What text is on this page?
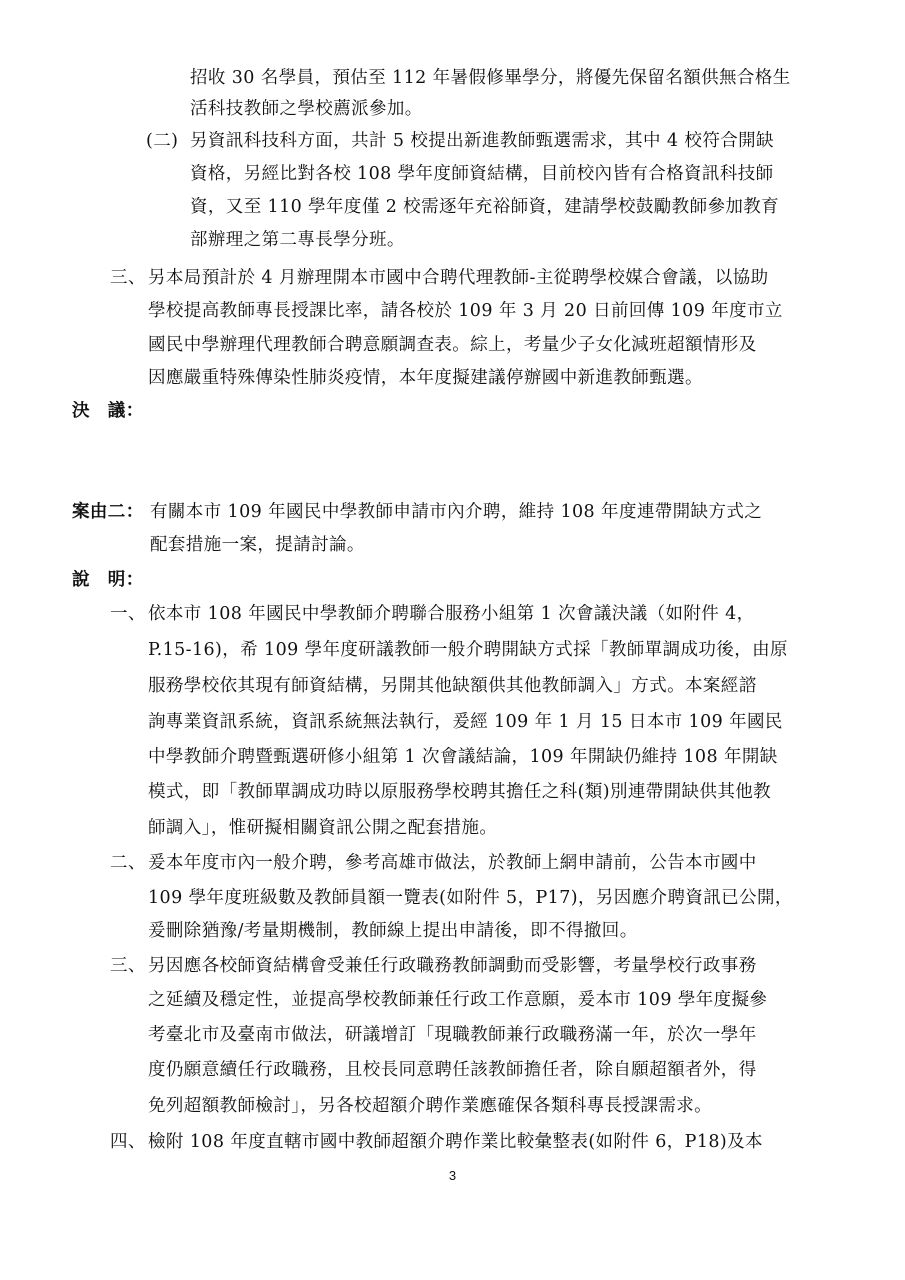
招收 30 名學員，預估至 112 年暑假修畢學分，將優先保留名額供無合格生
活科技教師之學校薦派參加。
(二) 另資訊科技科方面，共計 5 校提出新進教師甄選需求，其中 4 校符合開缺
資格，另經比對各校 108 學年度師資結構，目前校內皆有合格資訊科技師
資，又至 110 學年度僅 2 校需逐年充裕師資，建請學校鼓勵教師參加教育
部辦理之第二專長學分班。
三、 另本局預計於 4 月辦理開本市國中合聘代理教師-主從聘學校媒合會議，以協助
學校提高教師專長授課比率，請各校於 109 年 3 月 20 日前回傳 109 年度市立
國民中學辦理代理教師合聘意願調查表。綜上，考量少子女化減班超額情形及
因應嚴重特殊傳染性肺炎疫情，本年度擬建議停辦國中新進教師甄選。
決　議：
案由二： 有關本市 109 年國民中學教師申請市內介聘，維持 108 年度連帶開缺方式之
配套措施一案，提請討論。
說　明：
一、 依本市 108 年國民中學教師介聘聯合服務小組第 1 次會議決議（如附件 4，
P.15-16)，希 109 學年度研議教師一般介聘開缺方式採「教師單調成功後，由原
服務學校依其現有師資結構，另開其他缺額供其他教師調入」方式。本案經諮
詢專業資訊系統，資訊系統無法執行，爰經 109 年 1 月 15 日本市 109 年國民
中學教師介聘暨甄選研修小組第 1 次會議結論，109 年開缺仍維持 108 年開缺
模式，即「教師單調成功時以原服務學校聘其擔任之科(類)別連帶開缺供其他教
師調入」，惟研擬相關資訊公開之配套措施。
二、 爰本年度市內一般介聘，參考高雄市做法，於教師上網申請前，公告本市國中
109 學年度班級數及教師員額一覽表(如附件 5，P17)，另因應介聘資訊已公開，
爰刪除猶豫/考量期機制，教師線上提出申請後，即不得撤回。
三、 另因應各校師資結構會受兼任行政職務教師調動而受影響，考量學校行政事務
之延續及穩定性，並提高學校教師兼任行政工作意願，爰本市 109 學年度擬參
考臺北市及臺南市做法，研議增訂「現職教師兼行政職務滿一年，於次一學年
度仍願意續任行政職務，且校長同意聘任該教師擔任者，除自願超額者外，得
免列超額教師檢討」，另各校超額介聘作業應確保各類科專長授課需求。
四、 檢附 108 年度直轄市國中教師超額介聘作業比較彙整表(如附件 6，P18)及本
3
